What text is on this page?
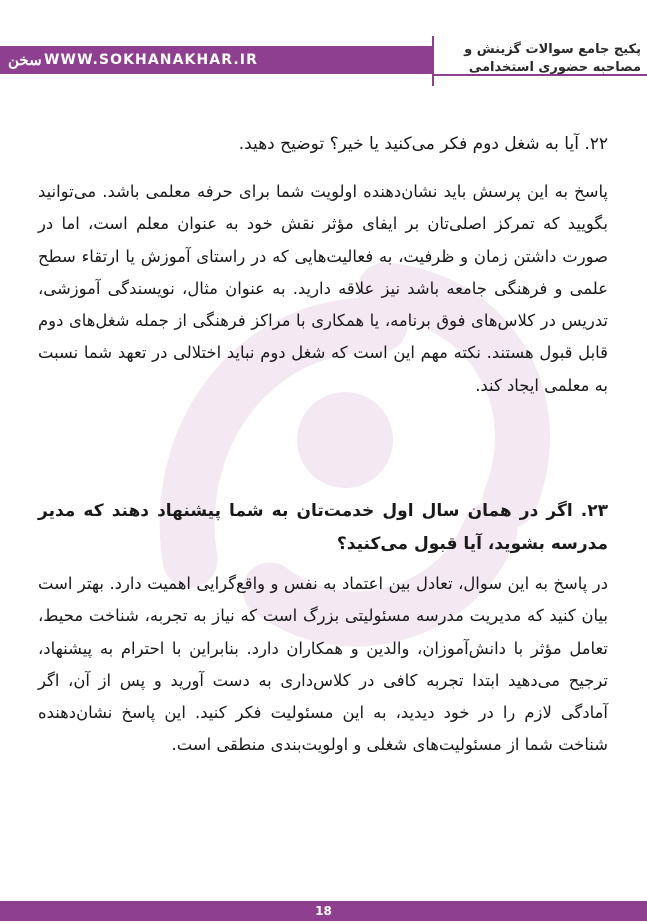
سخن WWW.SOKHANAKHAR.IR
پکیج جامع سوالات گزینش و
مصاحبه حضوری استخدامی

۲۲. آیا به شغل دوم فکر می‌کنید یا خیر؟ توضیح دهید.

پاسخ به این پرسش باید نشان‌دهنده اولویت شما برای حرفه معلمی باشد. می‌توانید بگویید که تمرکز اصلی‌تان بر ایفای مؤثر نقش خود به عنوان معلم است، اما در صورت داشتن زمان و ظرفیت، به فعالیت‌هایی که در راستای آموزش یا ارتقاء سطح علمی و فرهنگی جامعه باشد نیز علاقه دارید. به عنوان مثال، نویسندگی آموزشی، تدریس در کلاس‌های فوق برنامه، یا همکاری با مراکز فرهنگی از جمله شغل‌های دوم قابل قبول هستند. نکته مهم این است که شغل دوم نباید اختلالی در تعهد شما نسبت به معلمی ایجاد کند.

۲۳. اگر در همان سال اول خدمت‌تان به شما پیشنهاد دهند که مدیر مدرسه بشوید، آیا قبول می‌کنید؟

در پاسخ به این سوال، تعادل بین اعتماد به نفس و واقع‌گرایی اهمیت دارد. بهتر است بیان کنید که مدیریت مدرسه مسئولیتی بزرگ است که نیاز به تجربه، شناخت محیط، تعامل مؤثر با دانش‌آموزان، والدین و همکاران دارد. بنابراین با احترام به پیشنهاد، ترجیح می‌دهید ابتدا تجربه کافی در کلاس‌داری به دست آورید و پس از آن، اگر آمادگی لازم را در خود دیدید، به این مسئولیت فکر کنید. این پاسخ نشان‌دهنده شناخت شما از مسئولیت‌های شغلی و اولویت‌بندی منطقی است.

18
